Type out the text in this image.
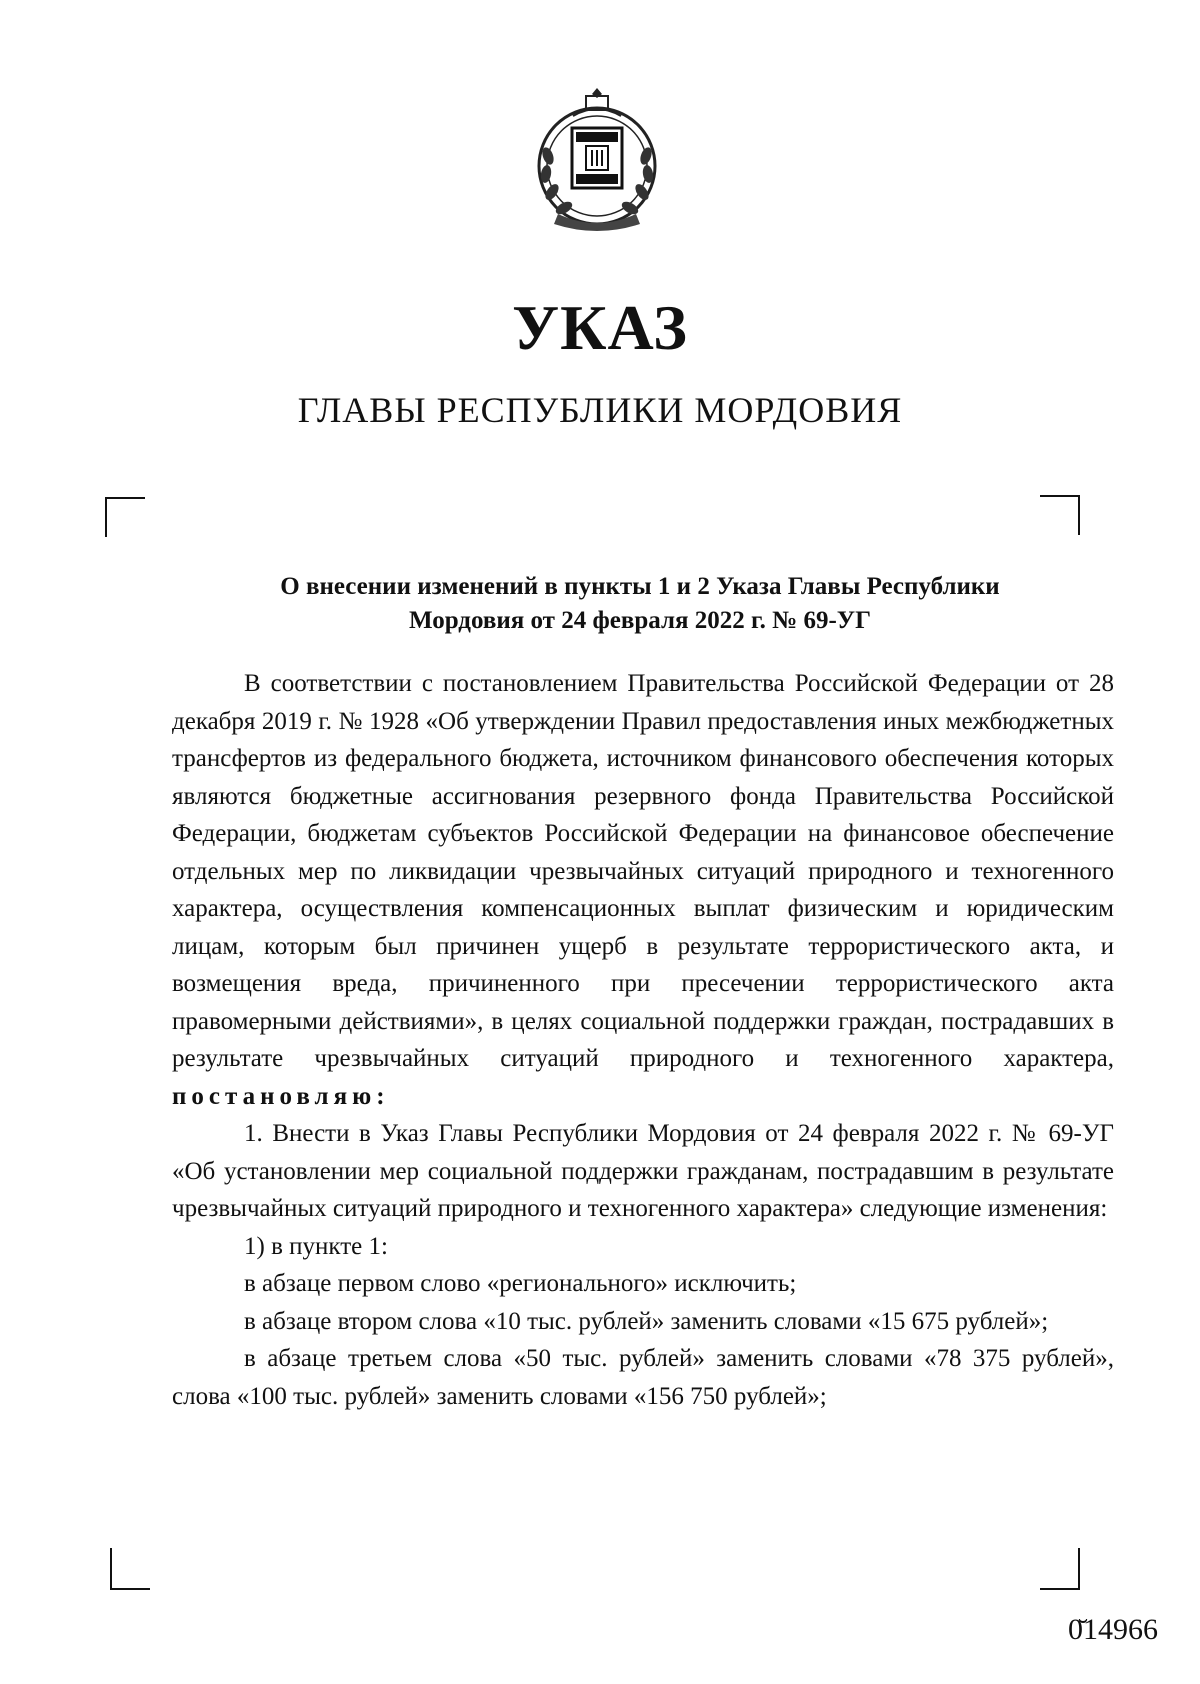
УКАЗ
ГЛАВЫ РЕСПУБЛИКИ МОРДОВИЯ
О внесении изменений в пункты 1 и 2 Указа Главы Республики
Мордовия от 24 февраля 2022 г. № 69-УГ

В соответствии с постановлением Правительства Российской Федерации от 28 декабря 2019 г. № 1928 «Об утверждении Правил предоставления иных межбюджетных трансфертов из федерального бюджета, источником финансового обеспечения которых являются бюджетные ассигнования резервного фонда Правительства Российской Федерации, бюджетам субъектов Российской Федерации на финансовое обеспечение отдельных мер по ликвидации чрезвычайных ситуаций природного и техногенного характера, осуществления компенсационных выплат физическим и юридическим лицам, которым был причинен ущерб в результате террористического акта, и возмещения вреда, причиненного при пресечении террористического акта правомерными действиями», в целях социальной поддержки граждан, пострадавших в результате чрезвычайных ситуаций природного и техногенного характера, постановляю:

1. Внести в Указ Главы Республики Мордовия от 24 февраля 2022 г. № 69-УГ «Об установлении мер социальной поддержки гражданам, пострадавшим в результате чрезвычайных ситуаций природного и техногенного характера» следующие изменения:

1) в пункте 1:

в абзаце первом слово «регионального» исключить;

в абзаце втором слова «10 тыс. рублей» заменить словами «15 675 рублей»;

в абзаце третьем слова «50 тыс. рублей» заменить словами «78 375 рублей», слова «100 тыс. рублей» заменить словами «156 750 рублей»;

0̆14966
